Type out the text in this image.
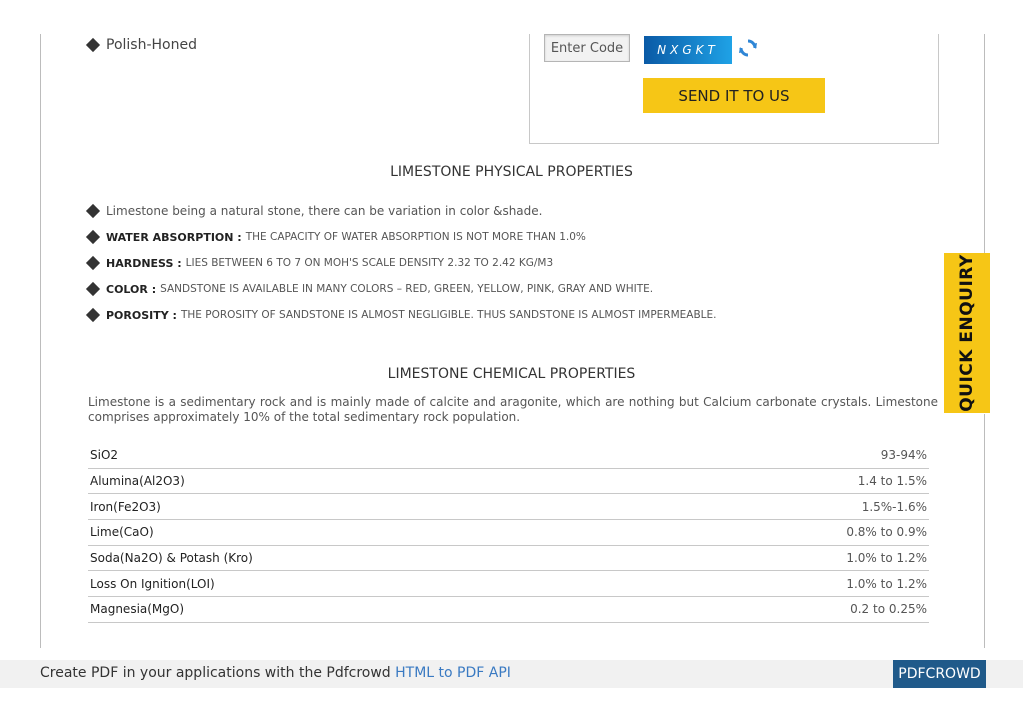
Polish-Honed	Enter Code	NXGKT
SEND IT TO US
LIMESTONE PHYSICAL PROPERTIES
Limestone being a natural stone, there can be variation in color &shade.
WATER ABSORPTION : THE CAPACITY OF WATER ABSORPTION IS NOT MORE THAN 1.0%
HARDNESS : LIES BETWEEN 6 TO 7 ON MOH'S SCALE DENSITY 2.32 TO 2.42 KG/M3
COLOR : SANDSTONE IS AVAILABLE IN MANY COLORS – RED, GREEN, YELLOW, PINK, GRAY AND WHITE.
POROSITY : THE POROSITY OF SANDSTONE IS ALMOST NEGLIGIBLE. THUS SANDSTONE IS ALMOST IMPERMEABLE.
LIMESTONE CHEMICAL PROPERTIES
Limestone is a sedimentary rock and is mainly made of calcite and aragonite, which are nothing but Calcium carbonate crystals. Limestone comprises approximately 10% of the total sedimentary rock population.
SiO2	93-94%
Alumina(Al2O3)	1.4 to 1.5%
Iron(Fe2O3)	1.5%-1.6%
Lime(CaO)	0.8% to 0.9%
Soda(Na2O) & Potash (Kro)	1.0% to 1.2%
Loss On Ignition(LOI)	1.0% to 1.2%
Magnesia(MgO)	0.2 to 0.25%
QUICK ENQUIRY
Create PDF in your applications with the Pdfcrowd HTML to PDF API	PDFCROWD
